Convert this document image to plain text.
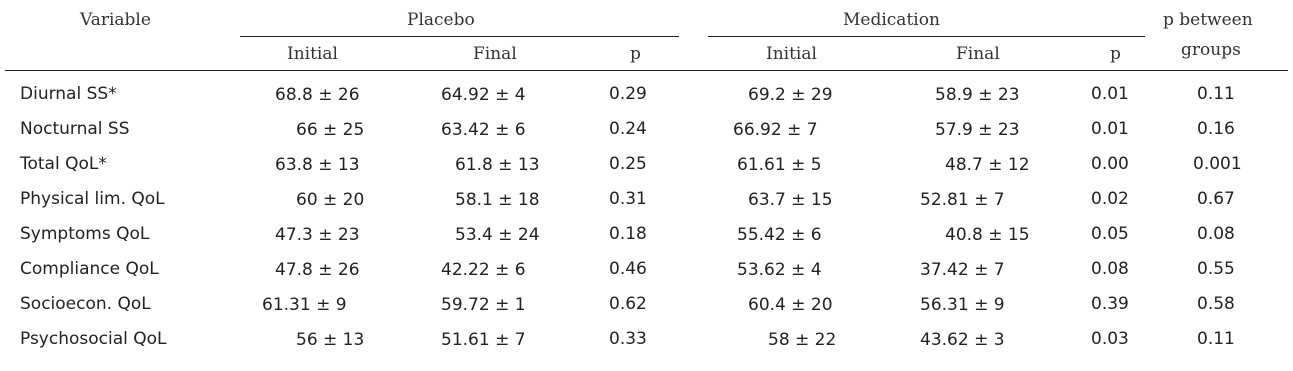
Variable	Placebo	Medication	p between
groups
Initial	Final	p	Initial	Final	p
Diurnal SS*	68.8 ± 26	64.92 ± 4	0.29	69.2 ± 29	58.9 ± 23	0.01	0.11
Nocturnal SS	66 ± 25	63.42 ± 6	0.24	66.92 ± 7	57.9 ± 23	0.01	0.16
Total QoL*	63.8 ± 13	61.8 ± 13	0.25	61.61 ± 5	48.7 ± 12	0.00	0.001
Physical lim. QoL	60 ± 20	58.1 ± 18	0.31	63.7 ± 15	52.81 ± 7	0.02	0.67
Symptoms QoL	47.3 ± 23	53.4 ± 24	0.18	55.42 ± 6	40.8 ± 15	0.05	0.08
Compliance QoL	47.8 ± 26	42.22 ± 6	0.46	53.62 ± 4	37.42 ± 7	0.08	0.55
Socioecon. QoL	61.31 ± 9	59.72 ± 1	0.62	60.4 ± 20	56.31 ± 9	0.39	0.58
Psychosocial QoL	56 ± 13	51.61 ± 7	0.33	58 ± 22	43.62 ± 3	0.03	0.11
